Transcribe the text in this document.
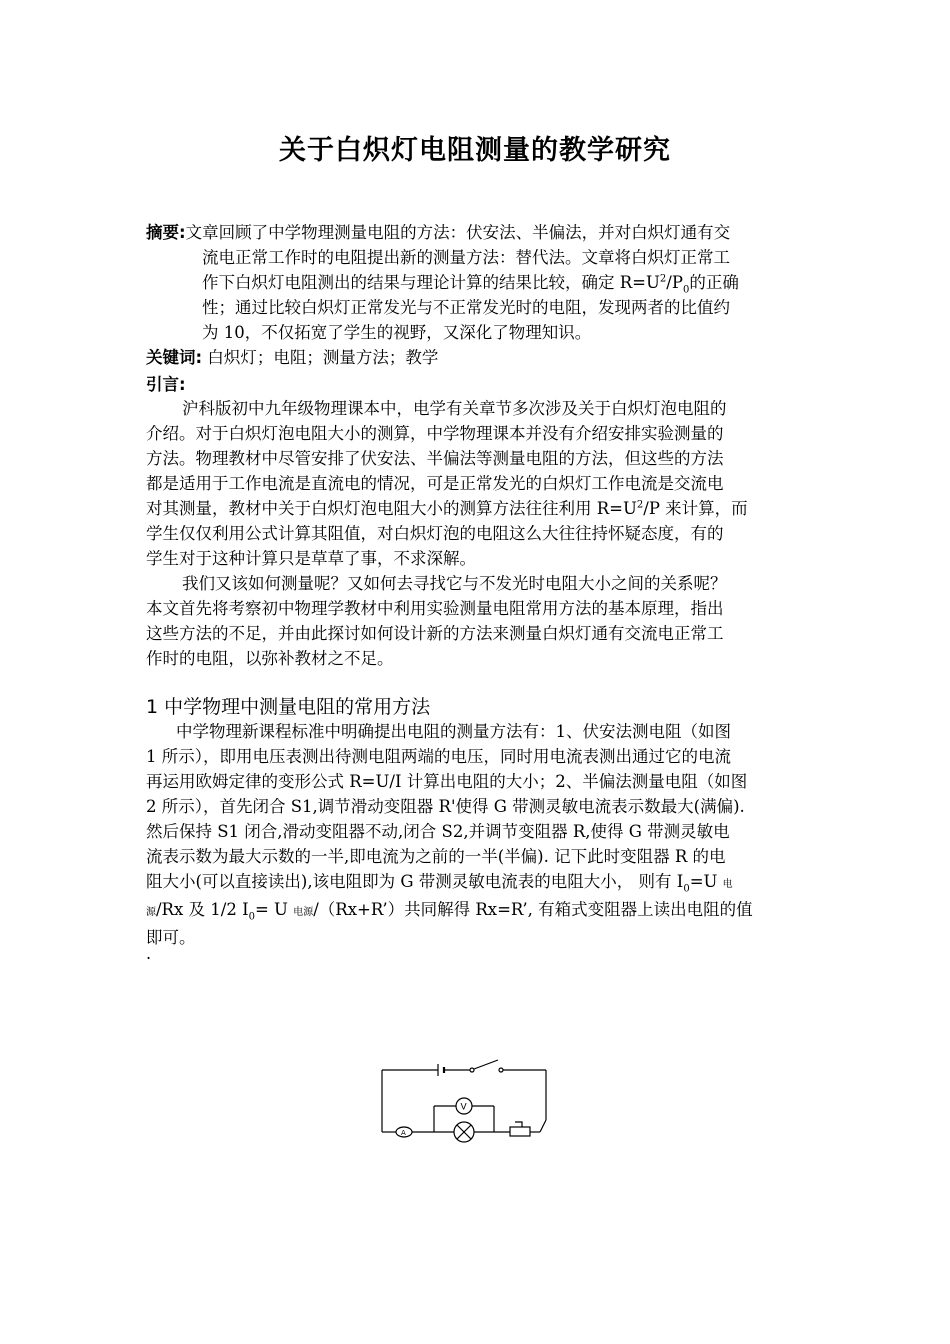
关于白炽灯电阻测量的教学研究
摘要:文章回顾了中学物理测量电阻的方法：伏安法、半偏法，并对白炽灯通有交
流电正常工作时的电阻提出新的测量方法：替代法。文章将白炽灯正常工
作下白炽灯电阻测出的结果与理论计算的结果比较，确定 $R=U^2/P_0$的正确
性；通过比较白炽灯正常发光与不正常发光时的电阻，发现两者的比值约
为 10，不仅拓宽了学生的视野，又深化了物理知识。
关键词: 白炽灯；电阻；测量方法；教学
引言:
沪科版初中九年级物理课本中，电学有关章节多次涉及关于白炽灯泡电阻的
介绍。对于白炽灯泡电阻大小的测算，中学物理课本并没有介绍安排实验测量的
方法。物理教材中尽管安排了伏安法、半偏法等测量电阻的方法，但这些的方法
都是适用于工作电流是直流电的情况，可是正常发光的白炽灯工作电流是交流电
对其测量，教材中关于白炽灯泡电阻大小的测算方法往往利用 $R=U^2/P$ 来计算，而
学生仅仅利用公式计算其阻值，对白炽灯泡的电阻这么大往往持怀疑态度，有的
学生对于这种计算只是草草了事，不求深解。
我们又该如何测量呢？又如何去寻找它与不发光时电阻大小之间的关系呢？
本文首先将考察初中物理学教材中利用实验测量电阻常用方法的基本原理，指出
这些方法的不足，并由此探讨如何设计新的方法来测量白炽灯通有交流电正常工
作时的电阻，以弥补教材之不足。
1 中学物理中测量电阻的常用方法
中学物理新课程标准中明确提出电阻的测量方法有：1、伏安法测电阻（如图
1 所示），即用电压表测出待测电阻两端的电压，同时用电流表测出通过它的电流
再运用欧姆定律的变形公式 R=U/I 计算出电阻的大小；2、半偏法测量电阻（如图
2 所示），首先闭合 S1,调节滑动变阻器 R'使得 G 带测灵敏电流表示数最大(满偏).
然后保持 S1 闭合,滑动变阻器不动,闭合 S2,并调节变阻器 R,使得 G 带测灵敏电
流表示数为最大示数的一半,即电流为之前的一半(半偏). 记下此时变阻器 R 的电
阻大小(可以直接读出),该电阻即为 G 带测灵敏电流表的电阻大小， 则有 $I_0=U$ 电
源/Rx 及 1/2 $I_0= U$ 电源/（Rx+R’）共同解得 Rx=R’, 有箱式变阻器上读出电阻的值
即可。
.
A
V
